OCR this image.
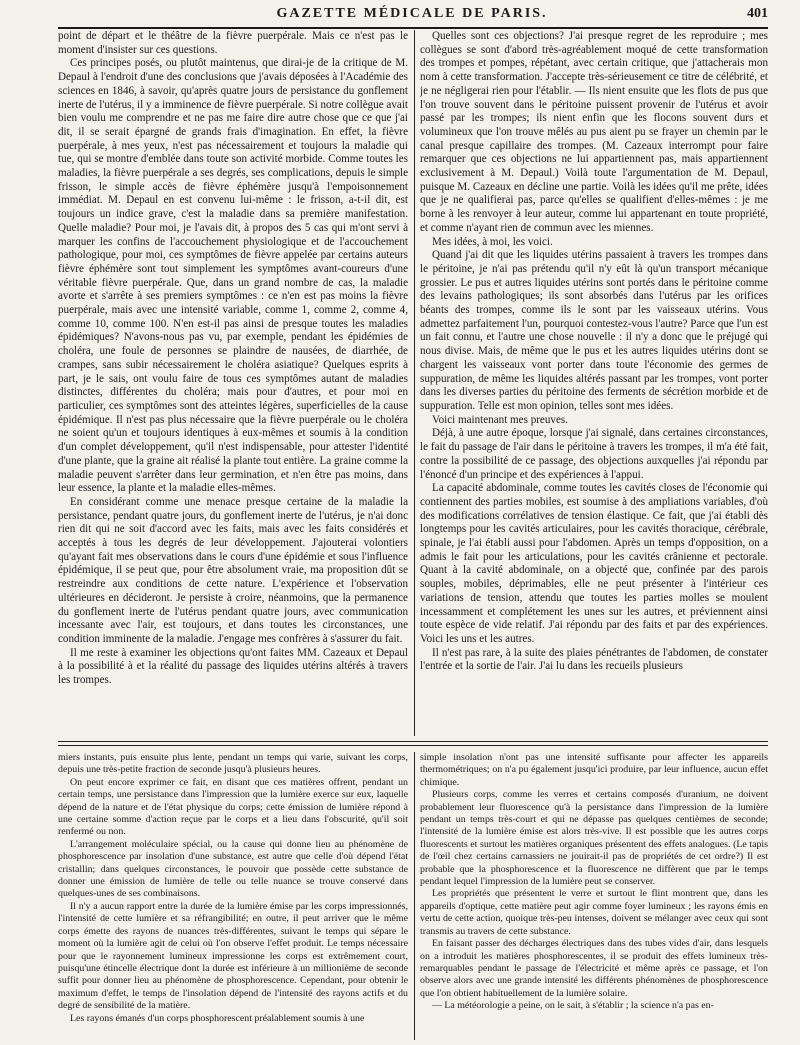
GAZETTE MÉDICALE DE PARIS.	401

point de départ et le théâtre de la fièvre puerpérale. Mais ce n'est pas le moment d'insister sur ces questions.

Ces principes posés, ou plutôt maintenus, que dirai-je de la critique de M. Depaul à l'endroit d'une des conclusions que j'avais déposées à l'Académie des sciences en 1846, à savoir, qu'après quatre jours de persistance du gonflement inerte de l'utérus, il y a imminence de fièvre puerpérale. Si notre collègue avait bien voulu me comprendre et ne pas me faire dire autre chose que ce que j'ai dit, il se serait épargné de grands frais d'imagination. En effet, la fièvre puerpérale, à mes yeux, n'est pas nécessairement et toujours la maladie qui tue, qui se montre d'emblée dans toute son activité morbide. Comme toutes les maladies, la fièvre puerpérale a ses degrés, ses complications, depuis le simple frisson, le simple accès de fièvre éphémère jusqu'à l'empoisonnement immédiat. M. Depaul en est convenu lui-même : le frisson, a-t-il dit, est toujours un indice grave, c'est la maladie dans sa première manifestation. Quelle maladie? Pour moi, je l'avais dit, à propos des 5 cas qui m'ont servi à marquer les confins de l'accouchement physiologique et de l'accouchement pathologique, pour moi, ces symptômes de fièvre appelée par certains auteurs fièvre éphémère sont tout simplement les symptômes avant-coureurs d'une véritable fièvre puerpérale. Que, dans un grand nombre de cas, la maladie avorte et s'arrête à ses premiers symptômes : ce n'en est pas moins la fièvre puerpérale, mais avec une intensité variable, comme 1, comme 2, comme 4, comme 10, comme 100. N'en est-il pas ainsi de presque toutes les maladies épidémiques? N'avons-nous pas vu, par exemple, pendant les épidémies de choléra, une foule de personnes se plaindre de nausées, de diarrhée, de crampes, sans subir nécessairement le choléra asiatique? Quelques esprits à part, je le sais, ont voulu faire de tous ces symptômes autant de maladies distinctes, différentes du choléra; mais pour d'autres, et pour moi en particulier, ces symptômes sont des atteintes légères, superficielles de la cause épidémique. Il n'est pas plus nécessaire que la fièvre puerpérale ou le choléra ne soient qu'un et toujours identiques à eux-mêmes et soumis à la condition d'un complet développement, qu'il n'est indispensable, pour attester l'identité d'une plante, que la graine ait réalisé la plante tout entière. La graine comme la maladie peuvent s'arrêter dans leur germination, et n'en être pas moins, dans leur essence, la plante et la maladie elles-mêmes.

En considérant comme une menace presque certaine de la maladie la persistance, pendant quatre jours, du gonflement inerte de l'utérus, je n'ai donc rien dit qui ne soit d'accord avec les faits, mais avec les faits considérés et acceptés à tous les degrés de leur développement. J'ajouterai volontiers qu'ayant fait mes observations dans le cours d'une épidémie et sous l'influence épidémique, il se peut que, pour être absolument vraie, ma proposition dût se restreindre aux conditions de cette nature. L'expérience et l'observation ultérieures en décideront. Je persiste à croire, néanmoins, que la permanence du gonflement inerte de l'utérus pendant quatre jours, avec communication incessante avec l'air, est toujours, et dans toutes les circonstances, une condition imminente de la maladie. J'engage mes confrères à s'assurer du fait.

Il me reste à examiner les objections qu'ont faites MM. Cazeaux et Depaul à la possibilité à et la réalité du passage des liquides utérins altérés à travers les trompes.

Quelles sont ces objections? J'ai presque regret de les reproduire ; mes collègues se sont d'abord très-agréablement moqué de cette transformation des trompes et pompes, répétant, avec certain critique, que j'attacherais mon nom à cette transformation. J'accepte très-sérieusement ce titre de célébrité, et je ne négligerai rien pour l'établir. — Ils nient ensuite que les flots de pus que l'on trouve souvent dans le péritoine puissent provenir de l'utérus et avoir passé par les trompes; ils nient enfin que les flocons souvent durs et volumineux que l'on trouve mêlés au pus aient pu se frayer un chemin par le canal presque capillaire des trompes. (M. Cazeaux interrompt pour faire remarquer que ces objections ne lui appartiennent pas, mais appartiennent exclusivement à M. Depaul.) Voilà toute l'argumentation de M. Depaul, puisque M. Cazeaux en décline une partie. Voilà les idées qu'il me prête, idées que je ne qualifierai pas, parce qu'elles se qualifient d'elles-mêmes : je me borne à les renvoyer à leur auteur, comme lui appartenant en toute propriété, et comme n'ayant rien de commun avec les miennes.

Mes idées, à moi, les voici.

Quand j'ai dit que les liquides utérins passaient à travers les trompes dans le péritoine, je n'ai pas prétendu qu'il n'y eût là qu'un transport mécanique grossier. Le pus et autres liquides utérins sont portés dans le péritoine comme des levains pathologiques; ils sont absorbés dans l'utérus par les orifices béants des trompes, comme ils le sont par les vaisseaux utérins. Vous admettez parfaitement l'un, pourquoi contestez-vous l'autre? Parce que l'un est un fait connu, et l'autre une chose nouvelle : il n'y a donc que le préjugé qui nous divise. Mais, de même que le pus et les autres liquides utérins dont se chargent les vaisseaux vont porter dans toute l'économie des germes de suppuration, de même les liquides altérés passant par les trompes, vont porter dans les diverses parties du péritoine des ferments de sécrétion morbide et de suppuration. Telle est mon opinion, telles sont mes idées.

Voici maintenant mes preuves.

Déjà, à une autre époque, lorsque j'ai signalé, dans certaines circonstances, le fait du passage de l'air dans le péritoine à travers les trompes, il m'a été fait, contre la possibilité de ce passage, des objections auxquelles j'ai répondu par l'énoncé d'un principe et des expériences à l'appui.

La capacité abdominale, comme toutes les cavités closes de l'économie qui contiennent des parties mobiles, est soumise à des ampliations variables, d'où des modifications corrélatives de tension élastique. Ce fait, que j'ai établi dès longtemps pour les cavités articulaires, pour les cavités thoracique, cérébrale, spinale, je l'ai établi aussi pour l'abdomen. Après un temps d'opposition, on a admis le fait pour les articulations, pour les cavités crânienne et pectorale. Quant à la cavité abdominale, on a objecté que, confinée par des parois souples, mobiles, déprimables, elle ne peut présenter à l'intérieur ces variations de tension, attendu que toutes les parties molles se moulent incessamment et complétement les unes sur les autres, et préviennent ainsi toute espèce de vide relatif. J'ai répondu par des faits et par des expériences. Voici les uns et les autres.

Il n'est pas rare, à la suite des plaies pénétrantes de l'abdomen, de constater l'entrée et la sortie de l'air. J'ai lu dans les recueils plusieurs

miers instants, puis ensuite plus lente, pendant un temps qui varie, suivant les corps, depuis une très-petite fraction de seconde jusqu'à plusieurs heures.

On peut encore exprimer ce fait, en disant que ces matières offrent, pendant un certain temps, une persistance dans l'impression que la lumière exerce sur eux, laquelle dépend de la nature et de l'état physique du corps; cette émission de lumière répond à une certaine somme d'action reçue par le corps et a lieu dans l'obscurité, qu'il soit renfermé ou non.

L'arrangement moléculaire spécial, ou la cause qui donne lieu au phénomène de phosphorescence par insolation d'une substance, est autre que celle d'où dépend l'état cristallin; dans quelques circonstances, le pouvoir que possède cette substance de donner une émission de lumière de telle ou telle nuance se trouve conservé dans quelques-unes de ses combinaisons.

Il n'y a aucun rapport entre la durée de la lumière émise par les corps impressionnés, l'intensité de cette lumière et sa réfrangibilité; en outre, il peut arriver que le même corps émette des rayons de nuances très-différentes, suivant le temps qui sépare le moment où la lumière agit de celui où l'on observe l'effet produit. Le temps nécessaire pour que le rayonnement lumineux impressionne les corps est extrêmement court, puisqu'une étincelle électrique dont la durée est inférieure à un millionième de seconde suffit pour donner lieu au phénomène de phosphorescence. Cependant, pour obtenir le maximum d'effet, le temps de l'insolation dépend de l'intensité des rayons actifs et du degré de sensibilité de la matière.

Les rayons émanés d'un corps phosphorescent préalablement soumis à une

simple insolation n'ont pas une intensité suffisante pour affecter les appareils thermométriques; on n'a pu également jusqu'ici produire, par leur influence, aucun effet chimique.

Plusieurs corps, comme les verres et certains composés d'uranium, ne doivent probablement leur fluorescence qu'à la persistance dans l'impression de la lumière pendant un temps très-court et qui ne dépasse pas quelques centièmes de seconde; l'intensité de la lumière émise est alors très-vive. Il est possible que les autres corps fluorescents et surtout les matières organiques présentent des effets analogues. (Le tapis de l'œil chez certains carnassiers ne jouirait-il pas de propriétés de cet ordre?) Il est probable que la phosphorescence et la fluorescence ne diffèrent que par le temps pendant lequel l'impression de la lumière peut se conserver.

Les propriétés que présentent le verre et surtout le flint montrent que, dans les appareils d'optique, cette matière peut agir comme foyer lumineux ; les rayons émis en vertu de cette action, quoique très-peu intenses, doivent se mélanger avec ceux qui sont transmis au travers de cette substance.

En faisant passer des décharges électriques dans des tubes vides d'air, dans lesquels on a introduit les matières phosphorescentes, il se produit des effets lumineux très-remarquables pendant le passage de l'électricité et même après ce passage, et l'on observe alors avec une grande intensité les différents phénomènes de phosphorescence que l'on obtient habituellement de la lumière solaire.

— La météorologie a peine, on le sait, à s'établir ; la science n'a pas en-
